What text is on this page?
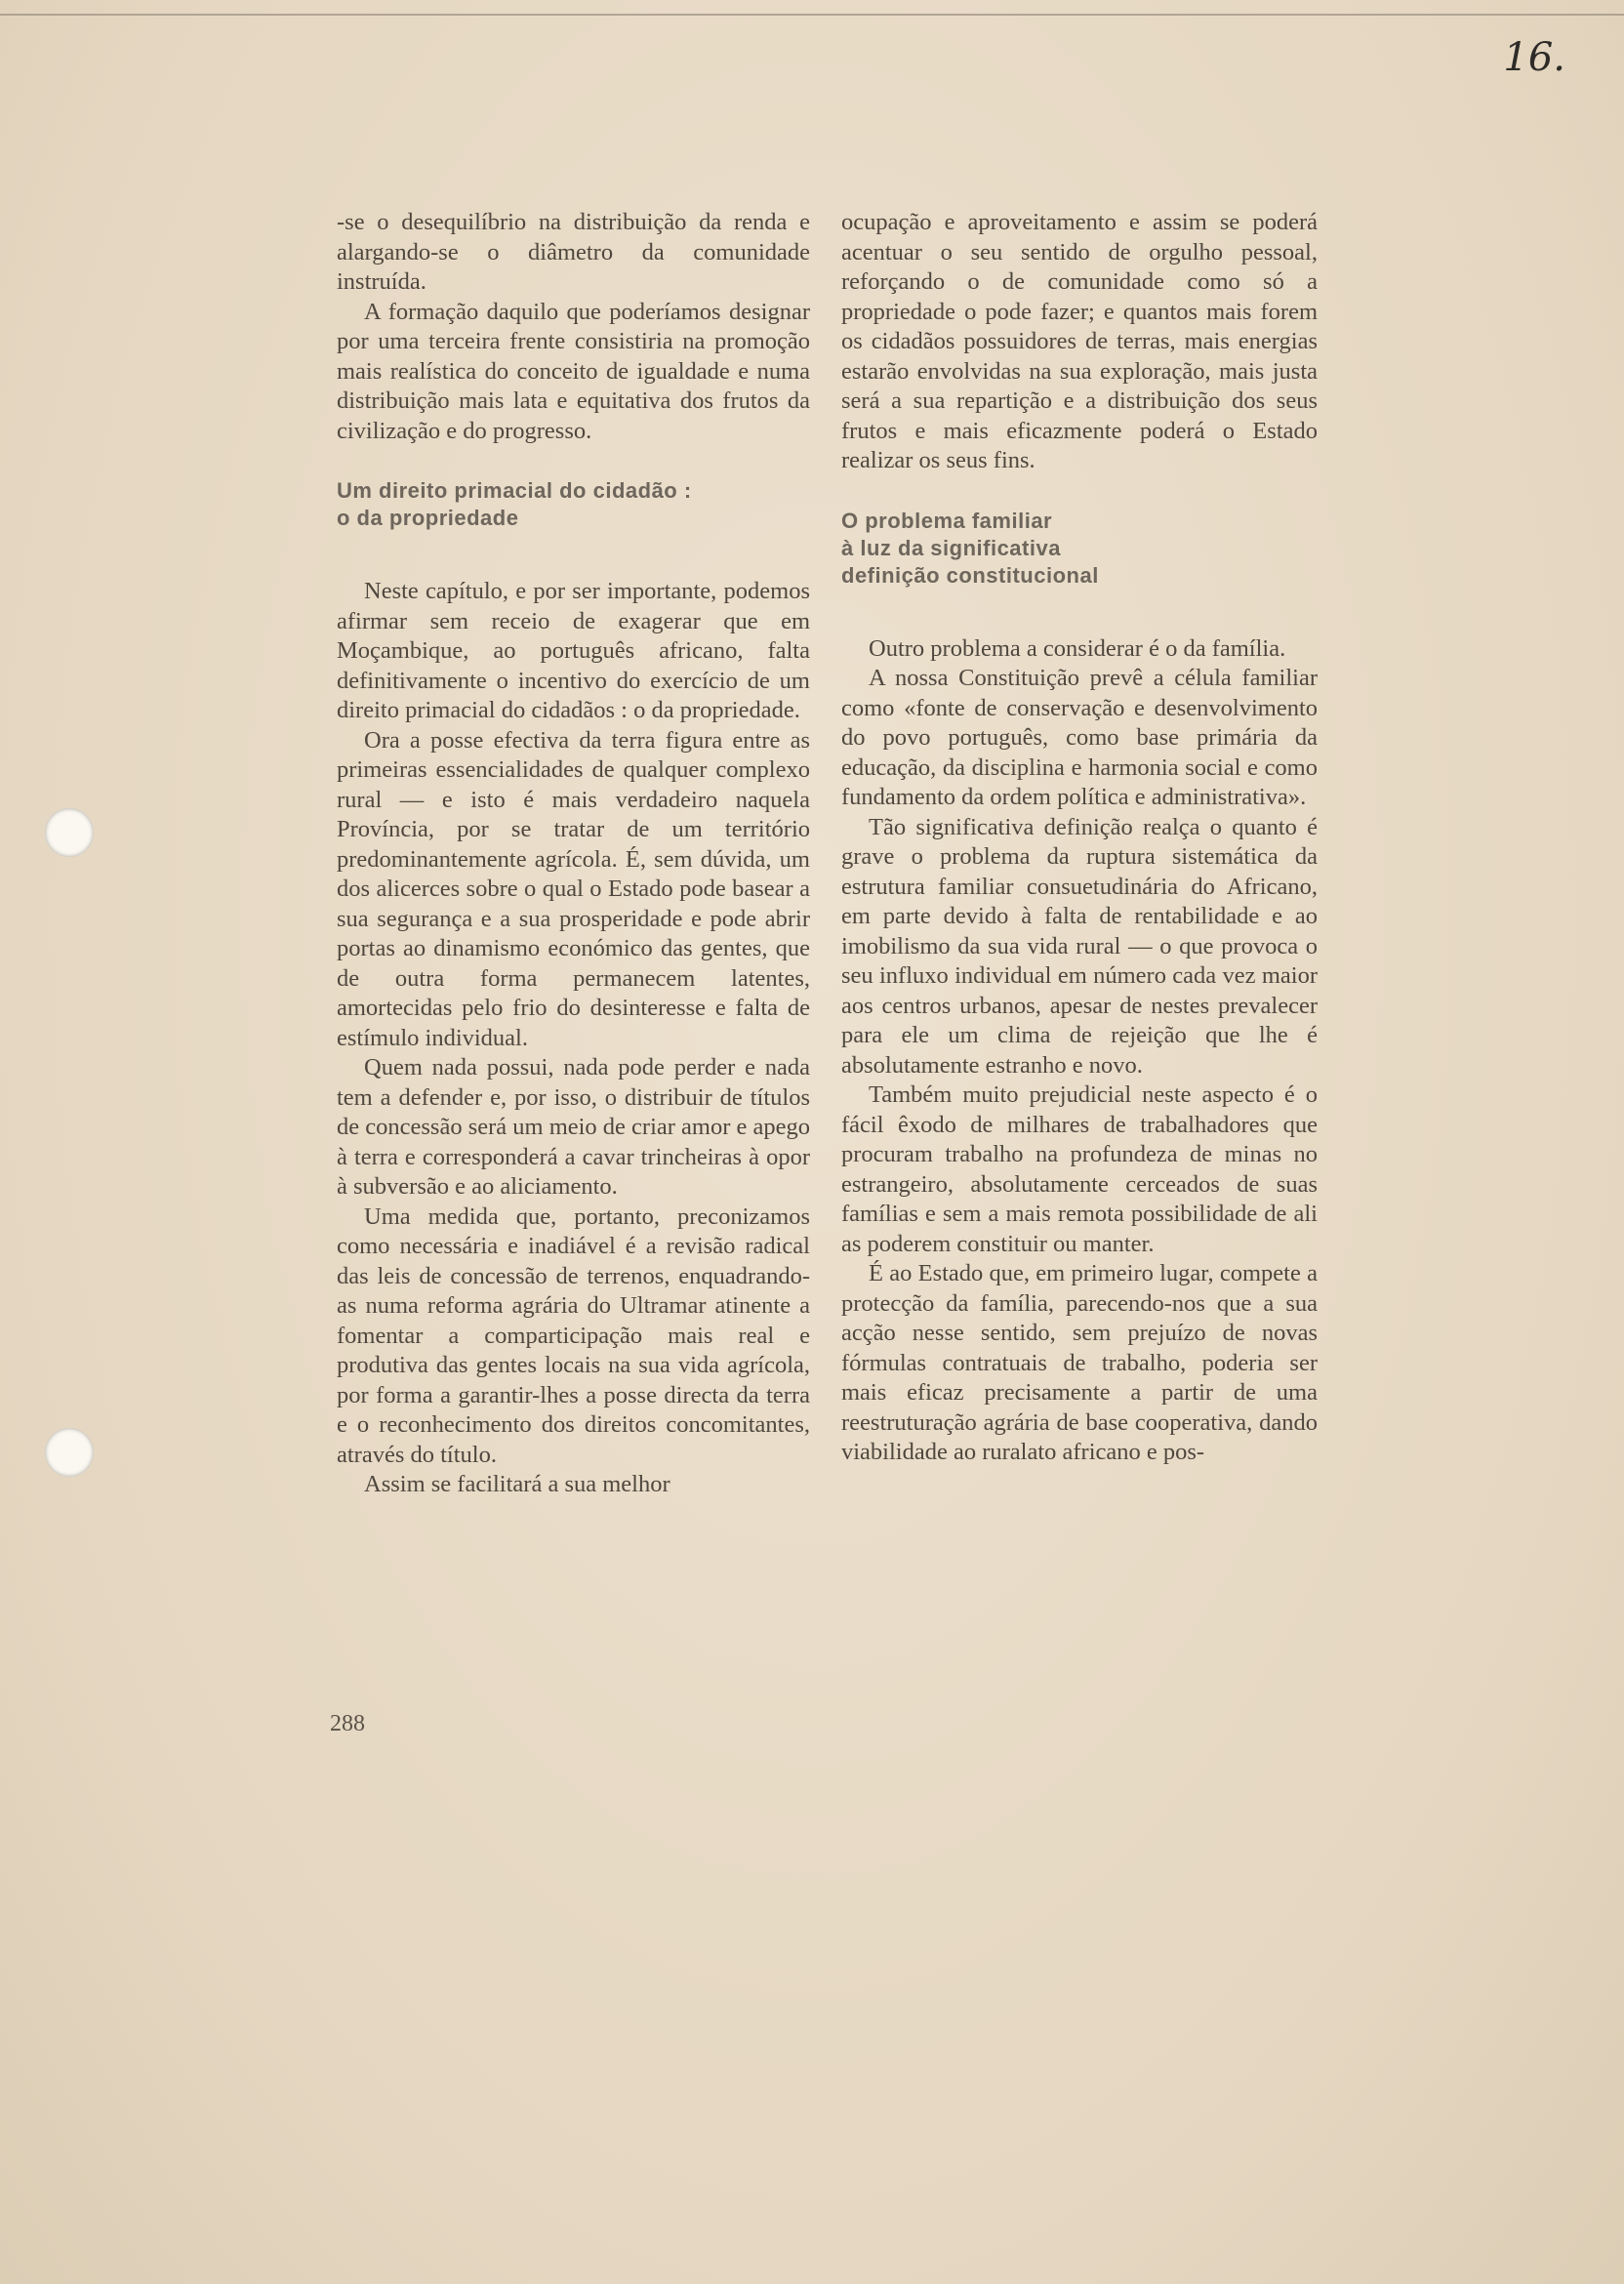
16.

-se o desequilíbrio na distribuição da renda e alargando-se o diâmetro da comunidade instruída.

A formação daquilo que poderíamos designar por uma terceira frente consistiria na promoção mais realística do conceito de igualdade e numa distribuição mais lata e equitativa dos frutos da civilização e do progresso.

Um direito primacial do cidadão :
o da propriedade

Neste capítulo, e por ser importante, podemos afirmar sem receio de exagerar que em Moçambique, ao português africano, falta definitivamente o incentivo do exercício de um direito primacial do cidadãos : o da propriedade.

Ora a posse efectiva da terra figura entre as primeiras essencialidades de qualquer complexo rural — e isto é mais verdadeiro naquela Província, por se tratar de um território predominantemente agrícola. É, sem dúvida, um dos alicerces sobre o qual o Estado pode basear a sua segurança e a sua prosperidade e pode abrir portas ao dinamismo económico das gentes, que de outra forma permanecem latentes, amortecidas pelo frio do desinteresse e falta de estímulo individual.

Quem nada possui, nada pode perder e nada tem a defender e, por isso, o distribuir de títulos de concessão será um meio de criar amor e apego à terra e corresponderá a cavar trincheiras à opor à subversão e ao aliciamento.

Uma medida que, portanto, preconizamos como necessária e inadiável é a revisão radical das leis de concessão de terrenos, enquadrando-as numa reforma agrária do Ultramar atinente a fomentar a comparticipação mais real e produtiva das gentes locais na sua vida agrícola, por forma a garantir-lhes a posse directa da terra e o reconhecimento dos direitos concomitantes, através do título.

Assim se facilitará a sua melhor

ocupação e aproveitamento e assim se poderá acentuar o seu sentido de orgulho pessoal, reforçando o de comunidade como só a propriedade o pode fazer; e quantos mais forem os cidadãos possuidores de terras, mais energias estarão envolvidas na sua exploração, mais justa será a sua repartição e a distribuição dos seus frutos e mais eficazmente poderá o Estado realizar os seus fins.

O problema familiar
à luz da significativa
definição constitucional

Outro problema a considerar é o da família.

A nossa Constituição prevê a célula familiar como «fonte de conservação e desenvolvimento do povo português, como base primária da educação, da disciplina e harmonia social e como fundamento da ordem política e administrativa».

Tão significativa definição realça o quanto é grave o problema da ruptura sistemática da estrutura familiar consuetudinária do Africano, em parte devido à falta de rentabilidade e ao imobilismo da sua vida rural — o que provoca o seu influxo individual em número cada vez maior aos centros urbanos, apesar de nestes prevalecer para ele um clima de rejeição que lhe é absolutamente estranho e novo.

Também muito prejudicial neste aspecto é o fácil êxodo de milhares de trabalhadores que procuram trabalho na profundeza de minas no estrangeiro, absolutamente cerceados de suas famílias e sem a mais remota possibilidade de ali as poderem constituir ou manter.

É ao Estado que, em primeiro lugar, compete a protecção da família, parecendo-nos que a sua acção nesse sentido, sem prejuízo de novas fórmulas contratuais de trabalho, poderia ser mais eficaz precisamente a partir de uma reestruturação agrária de base cooperativa, dando viabilidade ao ruralato africano e pos-

288
